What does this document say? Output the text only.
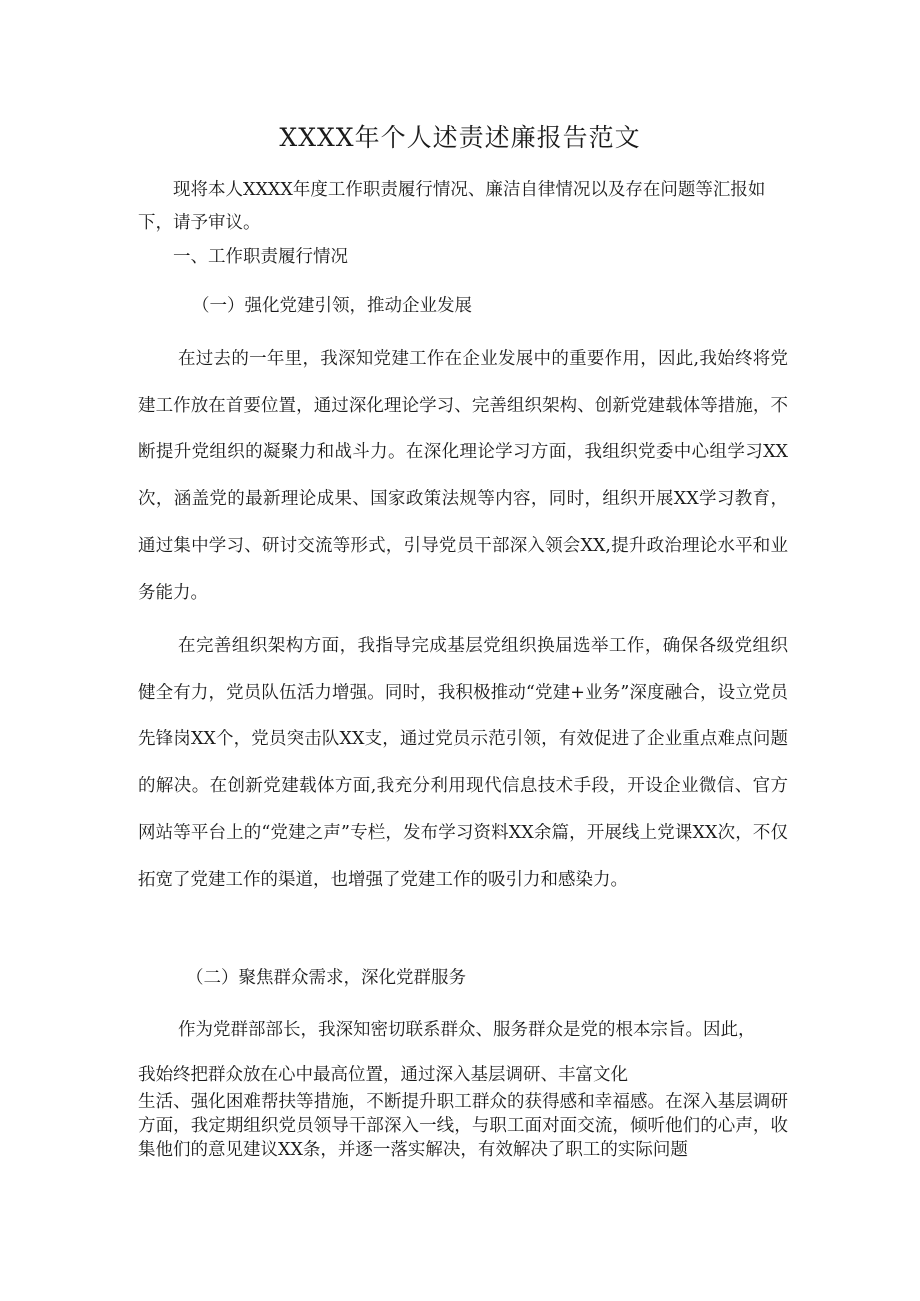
XXXX年个人述责述廉报告范文

现将本人XXXX年度工作职责履行情况、廉洁自律情况以及存在问题等汇报如下，请予审议。

一、工作职责履行情况

（一）强化党建引领，推动企业发展

在过去的一年里，我深知党建工作在企业发展中的重要作用，因此,我始终将党建工作放在首要位置，通过深化理论学习、完善组织架构、创新党建载体等措施，不断提升党组织的凝聚力和战斗力。在深化理论学习方面，我组织党委中心组学习XX次，涵盖党的最新理论成果、国家政策法规等内容，同时，组织开展XX学习教育，通过集中学习、研讨交流等形式，引导党员干部深入领会XX,提升政治理论水平和业务能力。

在完善组织架构方面，我指导完成基层党组织换届选举工作，确保各级党组织健全有力，党员队伍活力增强。同时，我积极推动“党建+业务”深度融合，设立党员先锋岗XX个，党员突击队XX支，通过党员示范引领，有效促进了企业重点难点问题的解决。在创新党建载体方面,我充分利用现代信息技术手段，开设企业微信、官方网站等平台上的“党建之声”专栏，发布学习资料XX余篇，开展线上党课XX次，不仅拓宽了党建工作的渠道，也增强了党建工作的吸引力和感染力。

（二）聚焦群众需求，深化党群服务

作为党群部部长，我深知密切联系群众、服务群众是党的根本宗旨。因此，

我始终把群众放在心中最高位置，通过深入基层调研、丰富文化

生活、强化困难帮扶等措施，不断提升职工群众的获得感和幸福感。在深入基层调研方面，我定期组织党员领导干部深入一线，与职工面对面交流，倾听他们的心声，收集他们的意见建议XX条，并逐一落实解决，有效解决了职工的实际问题
